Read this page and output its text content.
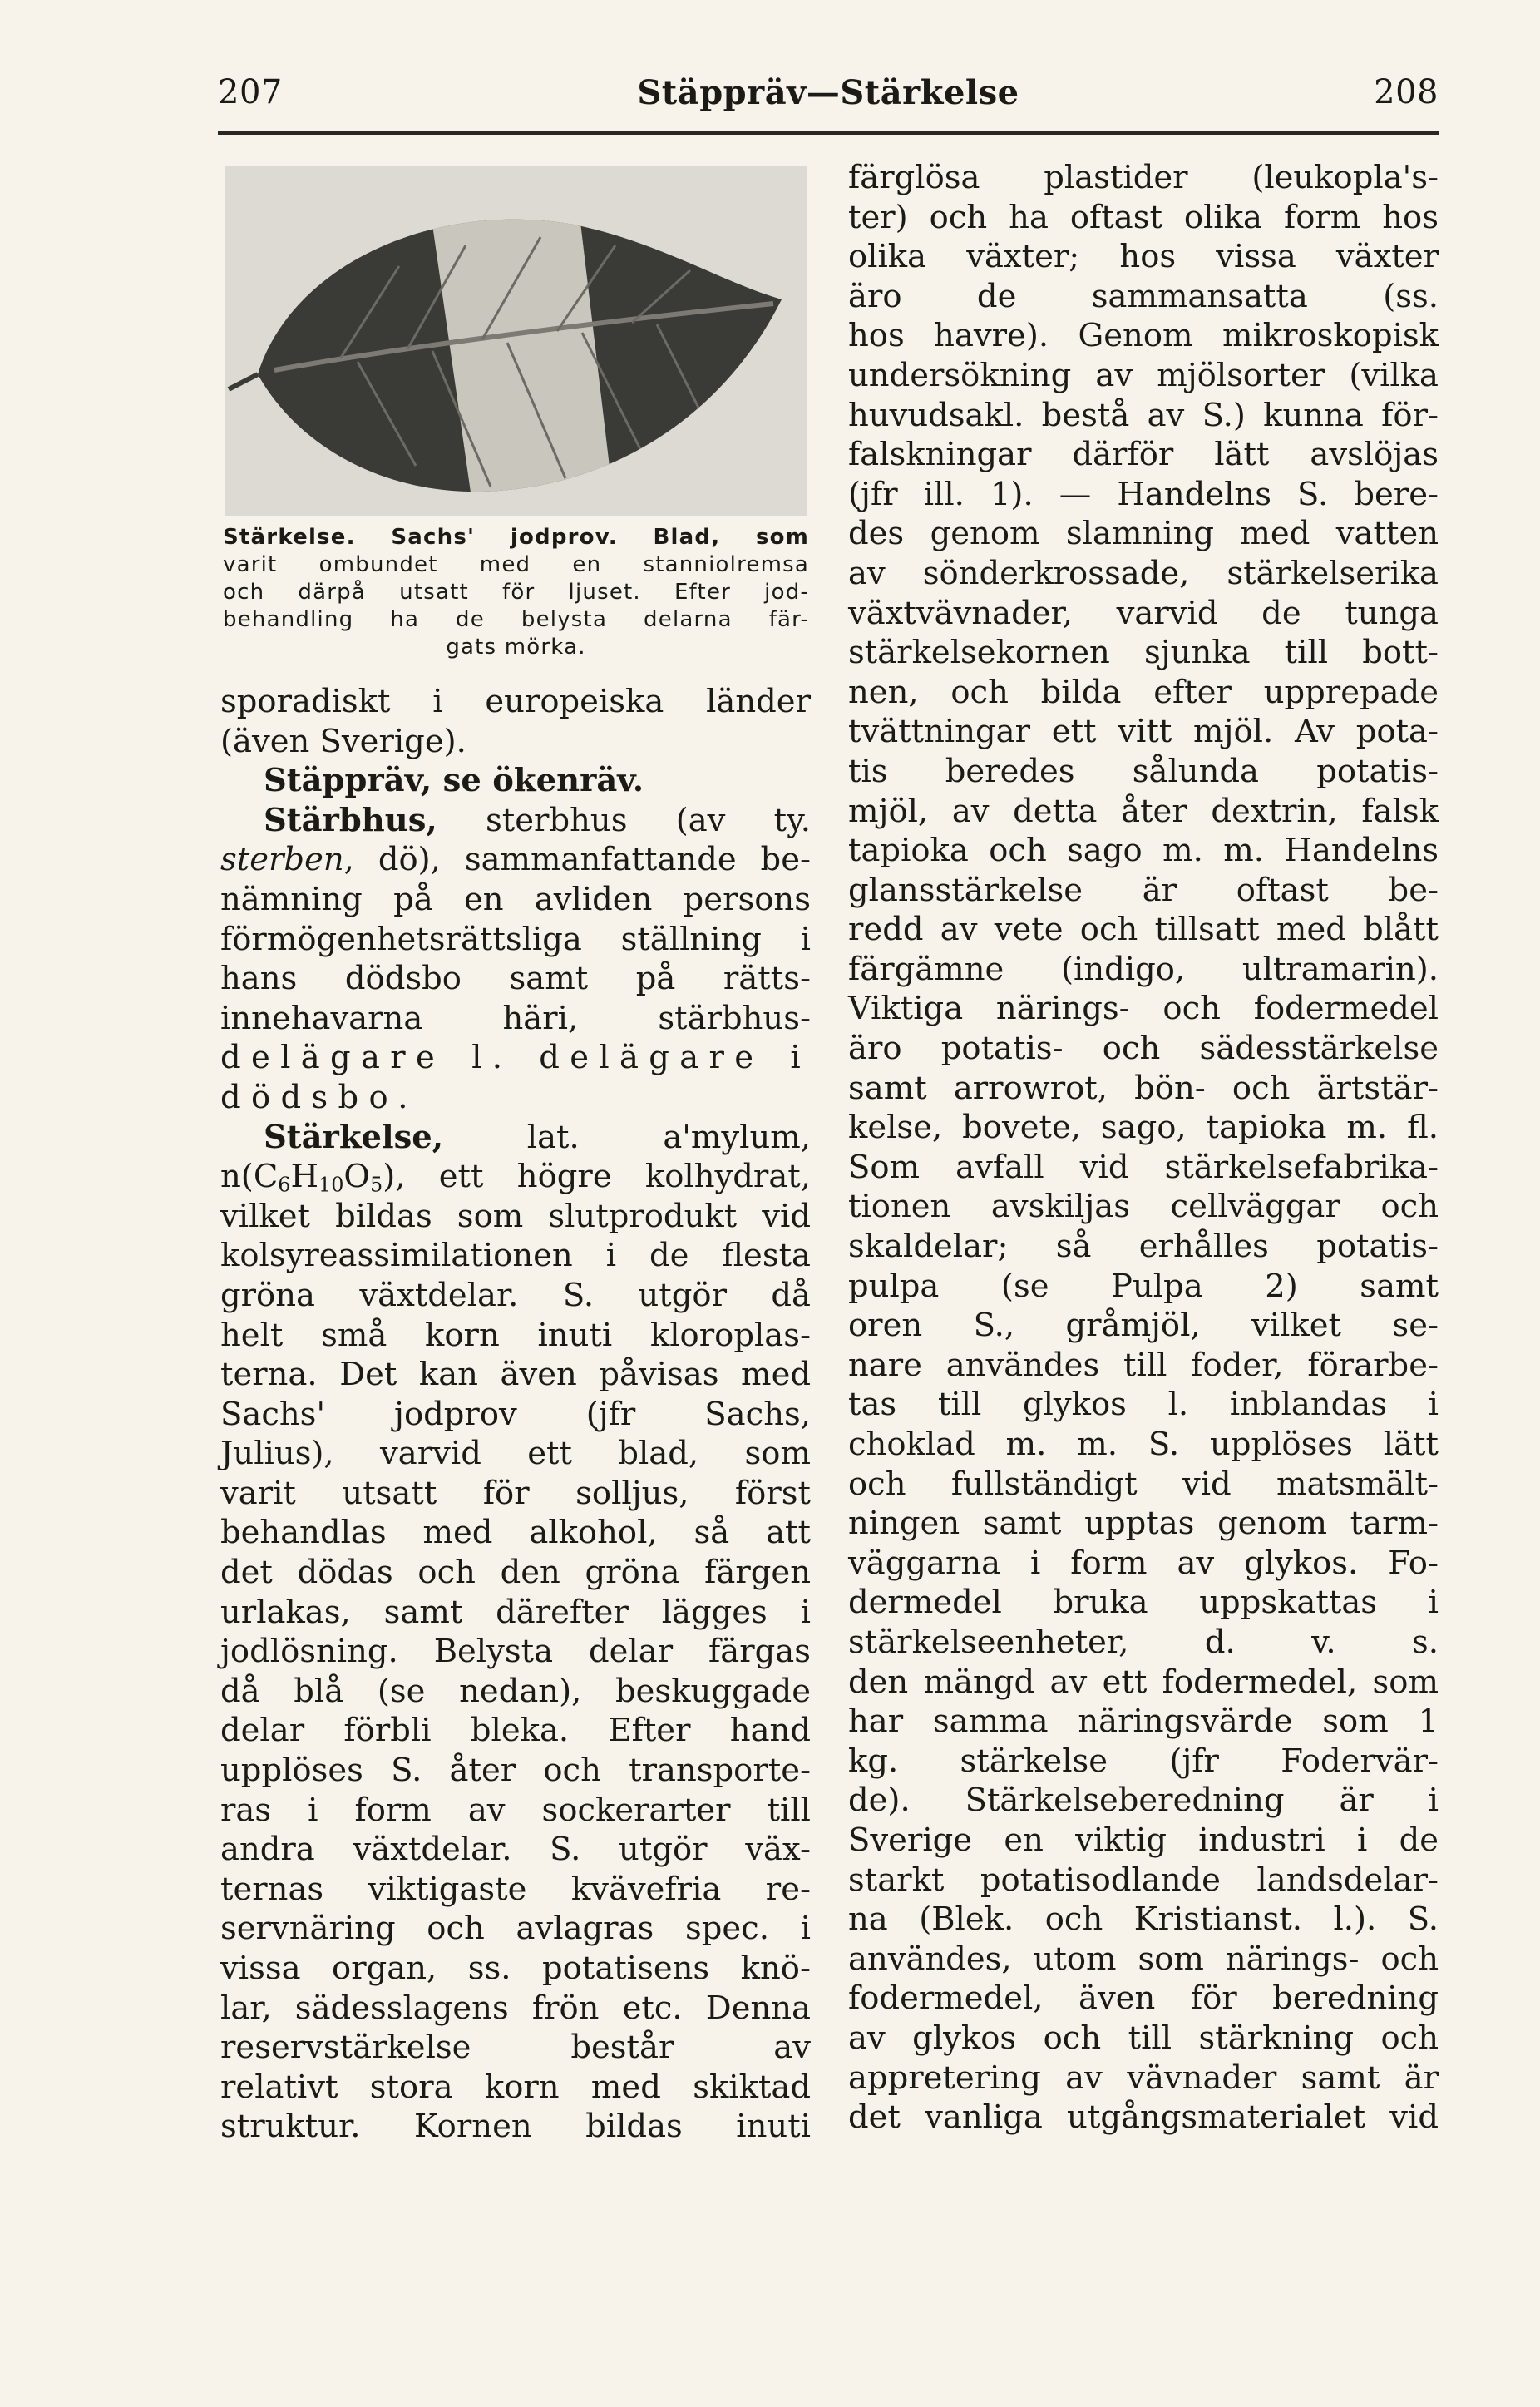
207	Stäppräv—Stärkelse	208
Stärkelse. Sachs' jodprov. Blad, som
varit ombundet med en stanniolremsa
och därpå utsatt för ljuset. Efter jod-
behandling ha de belysta delarna fär-
gats mörka.
sporadiskt i europeiska länder
(även Sverige).
Stäppräv, se ökenräv.
Stärbhus, sterbhus (av ty.
sterben, dö), sammanfattande be-
nämning på en avliden persons
förmögenhetsrättsliga ställning i
hans dödsbo samt på rätts-
innehavarna häri, stärbhus-
delägare l. delägare i
dödsbo.
Stärkelse, lat. a'mylum,
$n(C_6H_{10}O_5)$, ett högre kolhydrat,
vilket bildas som slutprodukt vid
kolsyreassimilationen i de flesta
gröna växtdelar. S. utgör då
helt små korn inuti kloroplas-
terna. Det kan även påvisas med
Sachs' jodprov (jfr Sachs,
Julius), varvid ett blad, som
varit utsatt för solljus, först
behandlas med alkohol, så att
det dödas och den gröna färgen
urlakas, samt därefter lägges i
jodlösning. Belysta delar färgas
då blå (se nedan), beskuggade
delar förbli bleka. Efter hand
upplöses S. åter och transporte-
ras i form av sockerarter till
andra växtdelar. S. utgör väx-
ternas viktigaste kvävefria re-
servnäring och avlagras spec. i
vissa organ, ss. potatisens knö-
lar, sädesslagens frön etc. Denna
reservstärkelse består av
relativt stora korn med skiktad
struktur. Kornen bildas inuti
färglösa plastider (leukopla's-
ter) och ha oftast olika form hos
olika växter; hos vissa växter
äro de sammansatta (ss.
hos havre). Genom mikroskopisk
undersökning av mjölsorter (vilka
huvudsakl. bestå av S.) kunna för-
falskningar därför lätt avslöjas
(jfr ill. 1). — Handelns S. bere-
des genom slamning med vatten
av sönderkrossade, stärkelserika
växtvävnader, varvid de tunga
stärkelsekornen sjunka till bott-
nen, och bilda efter upprepade
tvättningar ett vitt mjöl. Av pota-
tis beredes sålunda potatis-
mjöl, av detta åter dextrin, falsk
tapioka och sago m. m. Handelns
glansstärkelse är oftast be-
redd av vete och tillsatt med blått
färgämne (indigo, ultramarin).
Viktiga närings- och fodermedel
äro potatis- och sädesstärkelse
samt arrowrot, bön- och ärtstär-
kelse, bovete, sago, tapioka m. fl.
Som avfall vid stärkelsefabrika-
tionen avskiljas cellväggar och
skaldelar; så erhålles potatis-
pulpa (se Pulpa 2) samt
oren S., gråmjöl, vilket se-
nare användes till foder, förarbe-
tas till glykos l. inblandas i
choklad m. m. S. upplöses lätt
och fullständigt vid matsmält-
ningen samt upptas genom tarm-
väggarna i form av glykos. Fo-
dermedel bruka uppskattas i
stärkelseenheter, d. v. s.
den mängd av ett fodermedel, som
har samma näringsvärde som 1
kg. stärkelse (jfr Fodervär-
de). Stärkelseberedning är i
Sverige en viktig industri i de
starkt potatisodlande landsdelar-
na (Blek. och Kristianst. l.). S.
användes, utom som närings- och
fodermedel, även för beredning
av glykos och till stärkning och
appretering av vävnader samt är
det vanliga utgångsmaterialet vid
